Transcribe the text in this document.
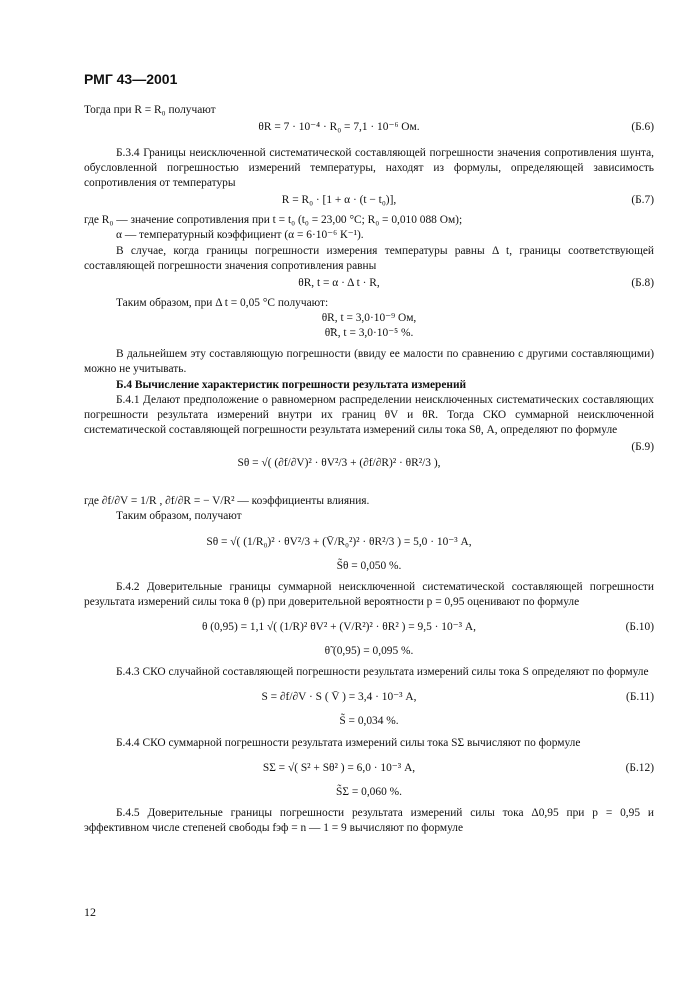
РМГ 43—2001

Тогда при R = R₀ получают

θR = 7 · 10⁻⁴ · R₀ = 7,1 · 10⁻⁶ Ом.	(Б.6)

Б.3.4 Границы неисключенной систематической составляющей погрешности значения сопротивления шунта, обусловленной погрешностью измерений температуры, находят из формулы, определяющей зависимость сопротивления от температуры

R = R₀ · [1 + α · (t − t₀)],	(Б.7)

где R₀ — значение сопротивления при t = t₀ (t₀ = 23,00 °С; R₀ = 0,010 088 Ом);

α — температурный коэффициент (α = 6·10⁻⁶ К⁻¹).

В случае, когда границы погрешности измерения температуры равны Δ t, границы соответствующей составляющей погрешности значения сопротивления равны

θR, t = α · Δ t · R,	(Б.8)

Таким образом, при Δ t = 0,05 °С получают:

θR, t = 3,0·10⁻⁹ Ом,
θ̃R, t = 3,0·10⁻⁵ %.

В дальнейшем эту составляющую погрешности (ввиду ее малости по сравнению с другими составляющими) можно не учитывать.

Б.4 Вычисление характеристик погрешности результата измерений

Б.4.1 Делают предположение о равномерном распределении неисключенных систематических составляющих погрешности результата измерений внутри их границ θV и θR. Тогда СКО суммарной неисключенной систематической составляющей погрешности результата измерений силы тока Sθ, А, определяют по формуле

Sθ = √( (∂f/∂V)² · θV²/3 + (∂f/∂R)² · θR²/3 ),
(Б.9)

где ∂f/∂V = 1/R , ∂f/∂R = − V/R² — коэффициенты влияния.

Таким образом, получают

Sθ = √( (1/R₀)² · θV²/3 + (V̄/R₀²)² · θR²/3 ) = 5,0 · 10⁻³ А,
S̃θ = 0,050 %.

Б.4.2 Доверительные границы суммарной неисключенной систематической составляющей погрешности результата измерений силы тока θ (p) при доверительной вероятности p = 0,95 оценивают по формуле

θ (0,95) = 1,1 √( (1/R)² θV² + (V/R²)² · θR² ) = 9,5 · 10⁻³ А,	(Б.10)
θ̃ (0,95) = 0,095 %.

Б.4.3 СКО случайной составляющей погрешности результата измерений силы тока S определяют по формуле

S = ∂f/∂V · S ( V̄ ) = 3,4 · 10⁻³ А,	(Б.11)
S̃ = 0,034 %.

Б.4.4 СКО суммарной погрешности результата измерений силы тока SΣ вычисляют по формуле

SΣ = √( S² + Sθ² ) = 6,0 · 10⁻³ А,	(Б.12)
S̃Σ = 0,060 %.

Б.4.5 Доверительные границы погрешности результата измерений силы тока Δ0,95 при p = 0,95 и эффективном числе степеней свободы fэф = n — 1 = 9 вычисляют по формуле

12
